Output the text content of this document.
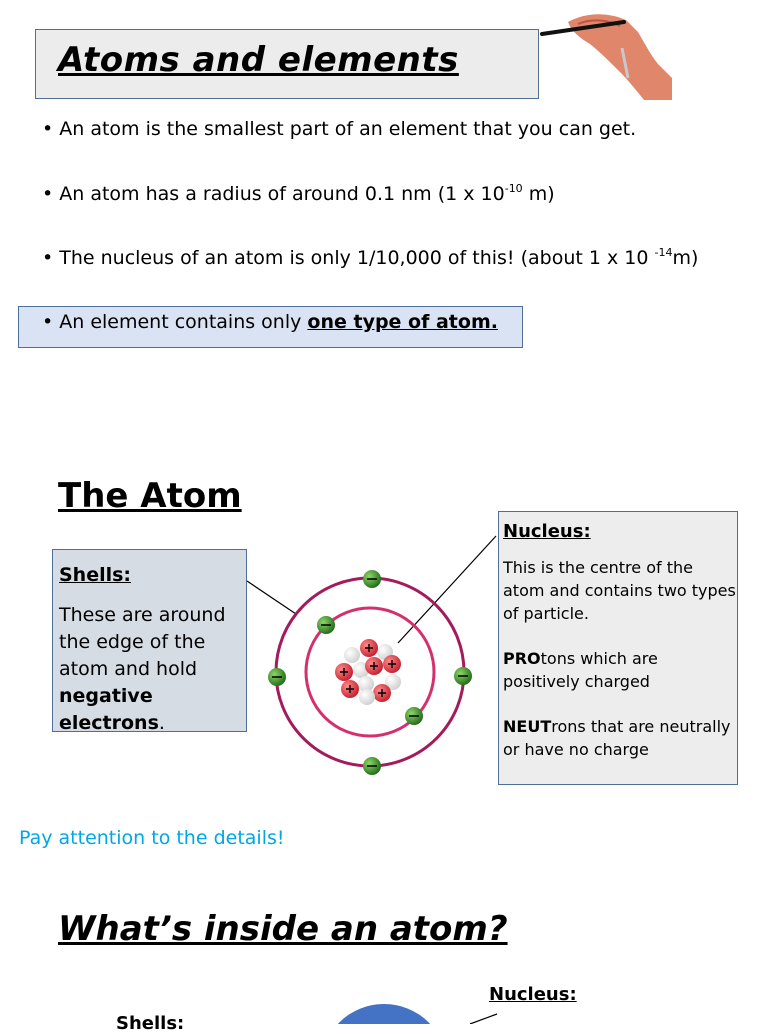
Atoms and elements
• An atom is the smallest part of an element that you can get.
• An atom has a radius of around 0.1 nm (1 x $10^{-10}$ m)
• The nucleus of an atom is only 1/10,000 of this! (about 1 x 10 $^{-14}$m)
• An element contains only one type of atom.
The Atom
Shells:
These are around the edge of the atom and hold negative electrons.
Nucleus:

This is the centre of the atom and contains two types of particle.

PROtons which are positively charged

NEUTrons that are neutrally or have no charge

Pay attention to the details!
What’s inside an atom?
Nucleus:
Shells:
